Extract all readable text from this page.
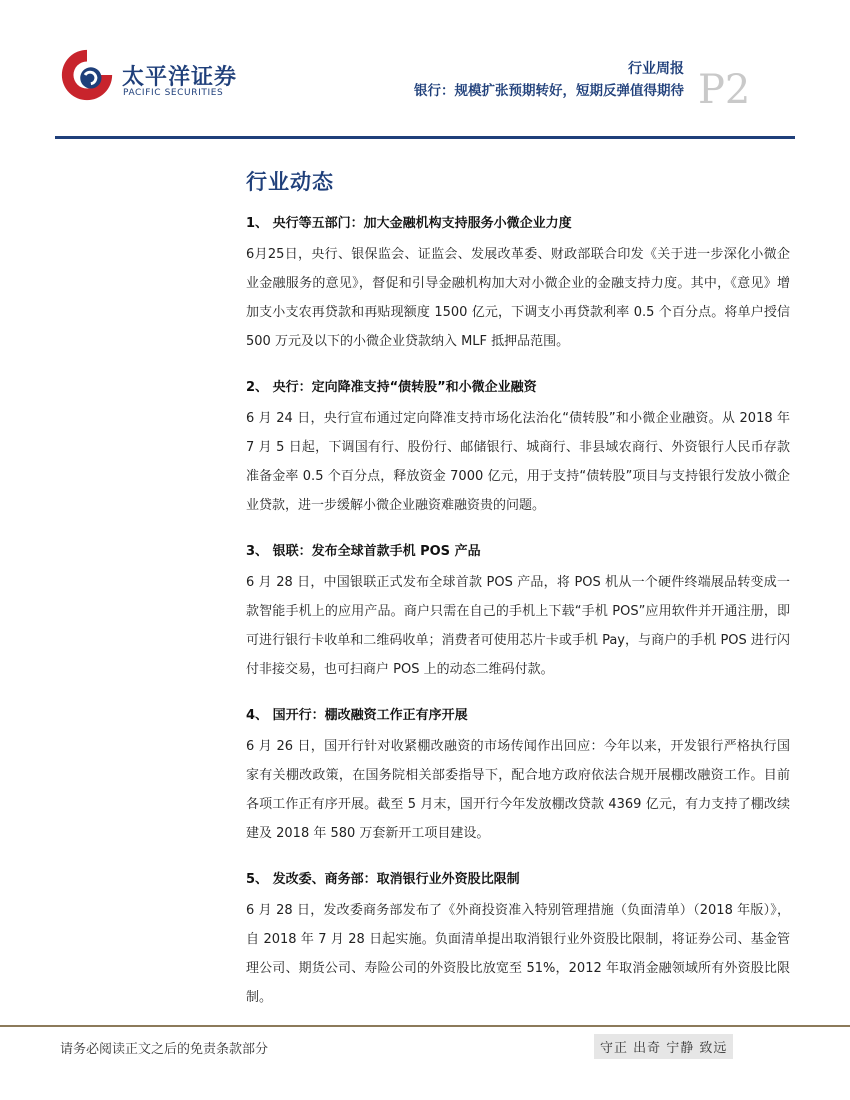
太平洋证券
PACIFIC SECURITIES
行业周报
银行：规模扩张预期转好，短期反弹值得期待 P2
行业动态
1、 央行等五部门：加大金融机构支持服务小微企业力度

6月25日，央行、银保监会、证监会、发展改革委、财政部联合印发《关于进一步深化小微企业金融服务的意见》，督促和引导金融机构加大对小微企业的金融支持力度。其中，《意见》增加支小支农再贷款和再贴现额度 1500 亿元，下调支小再贷款利率 0.5 个百分点。将单户授信 500 万元及以下的小微企业贷款纳入 MLF 抵押品范围。

2、 央行：定向降准支持“债转股”和小微企业融资

6 月 24 日，央行宣布通过定向降准支持市场化法治化“债转股”和小微企业融资。从 2018 年 7 月 5 日起，下调国有行、股份行、邮储银行、城商行、非县域农商行、外资银行人民币存款准备金率 0.5 个百分点，释放资金 7000 亿元，用于支持“债转股”项目与支持银行发放小微企业贷款，进一步缓解小微企业融资难融资贵的问题。

3、 银联：发布全球首款手机 POS 产品

6 月 28 日，中国银联正式发布全球首款 POS 产品，将 POS 机从一个硬件终端展品转变成一款智能手机上的应用产品。商户只需在自己的手机上下载“手机 POS”应用软件并开通注册，即可进行银行卡收单和二维码收单；消费者可使用芯片卡或手机 Pay，与商户的手机 POS 进行闪付非接交易，也可扫商户 POS 上的动态二维码付款。

4、 国开行：棚改融资工作正有序开展

6 月 26 日，国开行针对收紧棚改融资的市场传闻作出回应：今年以来，开发银行严格执行国家有关棚改政策，在国务院相关部委指导下，配合地方政府依法合规开展棚改融资工作。目前各项工作正有序开展。截至 5 月末，国开行今年发放棚改贷款 4369 亿元，有力支持了棚改续建及 2018 年 580 万套新开工项目建设。

5、 发改委、商务部：取消银行业外资股比限制

6 月 28 日，发改委商务部发布了《外商投资准入特别管理措施（负面清单）（2018 年版）》，自 2018 年 7 月 28 日起实施。负面清单提出取消银行业外资股比限制，将证券公司、基金管理公司、期货公司、寿险公司的外资股比放宽至 51%，2012 年取消金融领域所有外资股比限制。

请务必阅读正文之后的免责条款部分	守正 出奇 宁静 致远
